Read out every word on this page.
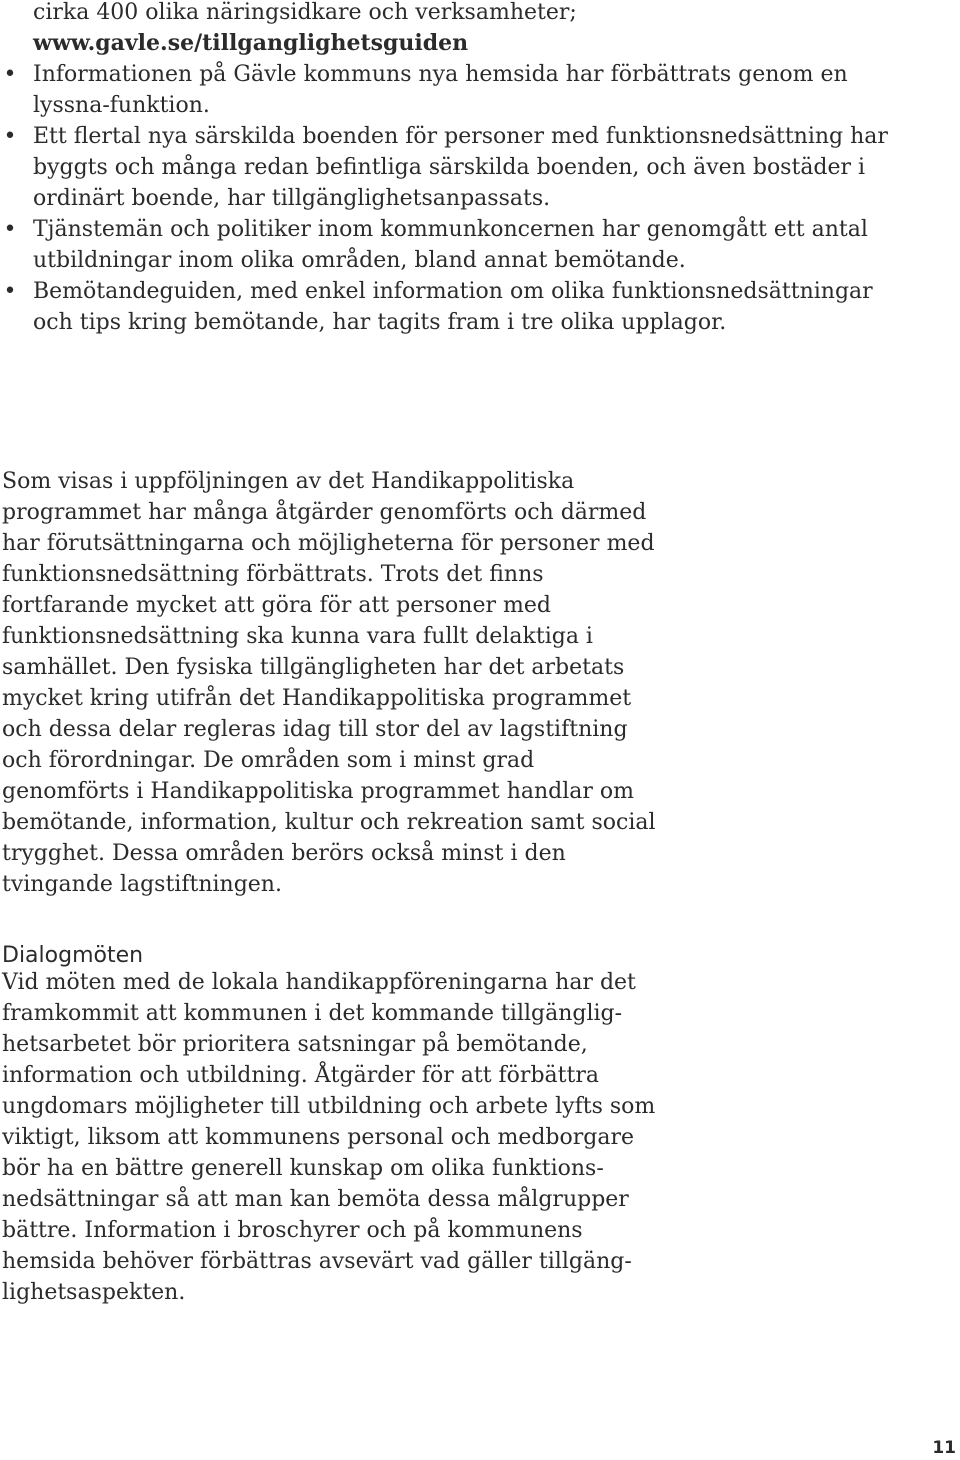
cirka 400 olika näringsidkare och verksamheter;
www.gavle.se/tillganglighetsguiden

• Informationen på Gävle kommuns nya hemsida har förbättrats genom en lyssna-funktion.
• Ett flertal nya särskilda boenden för personer med funktionsnedsättning har byggts och många redan befintliga särskilda boenden, och även bostäder i ordinärt boende, har tillgänglighetsanpassats.
• Tjänstemän och politiker inom kommunkoncernen har genomgått ett antal utbildningar inom olika områden, bland annat bemötande.
• Bemötandeguiden, med enkel information om olika funktionsnedsättningar och tips kring bemötande, har tagits fram i tre olika upplagor.

Som visas i uppföljningen av det Handikappolitiska programmet har många åtgärder genomförts och därmed har förutsättningarna och möjligheterna för personer med funktionsnedsättning förbättrats. Trots det finns fortfarande mycket att göra för att personer med funktionsnedsättning ska kunna vara fullt delaktiga i samhället. Den fysiska tillgängligheten har det arbetats mycket kring utifrån det Handikappolitiska programmet och dessa delar regleras idag till stor del av lagstiftning och förordningar. De områden som i minst grad genomförts i Handikappolitiska programmet handlar om bemötande, information, kultur och rekreation samt social trygghet. Dessa områden berörs också minst i den tvingande lagstiftningen.

Dialogmöten

Vid möten med de lokala handikappföreningarna har det framkommit att kommunen i det kommande tillgänglighetsarbetet bör prioritera satsningar på bemötande, information och utbildning. Åtgärder för att förbättra ungdomars möjligheter till utbildning och arbete lyfts som viktigt, liksom att kommunens personal och medborgare bör ha en bättre generell kunskap om olika funktionsnedsättningar så att man kan bemöta dessa målgrupper bättre. Information i broschyrer och på kommunens hemsida behöver förbättras avsevärt vad gäller tillgänglighetsaspekten.

11
